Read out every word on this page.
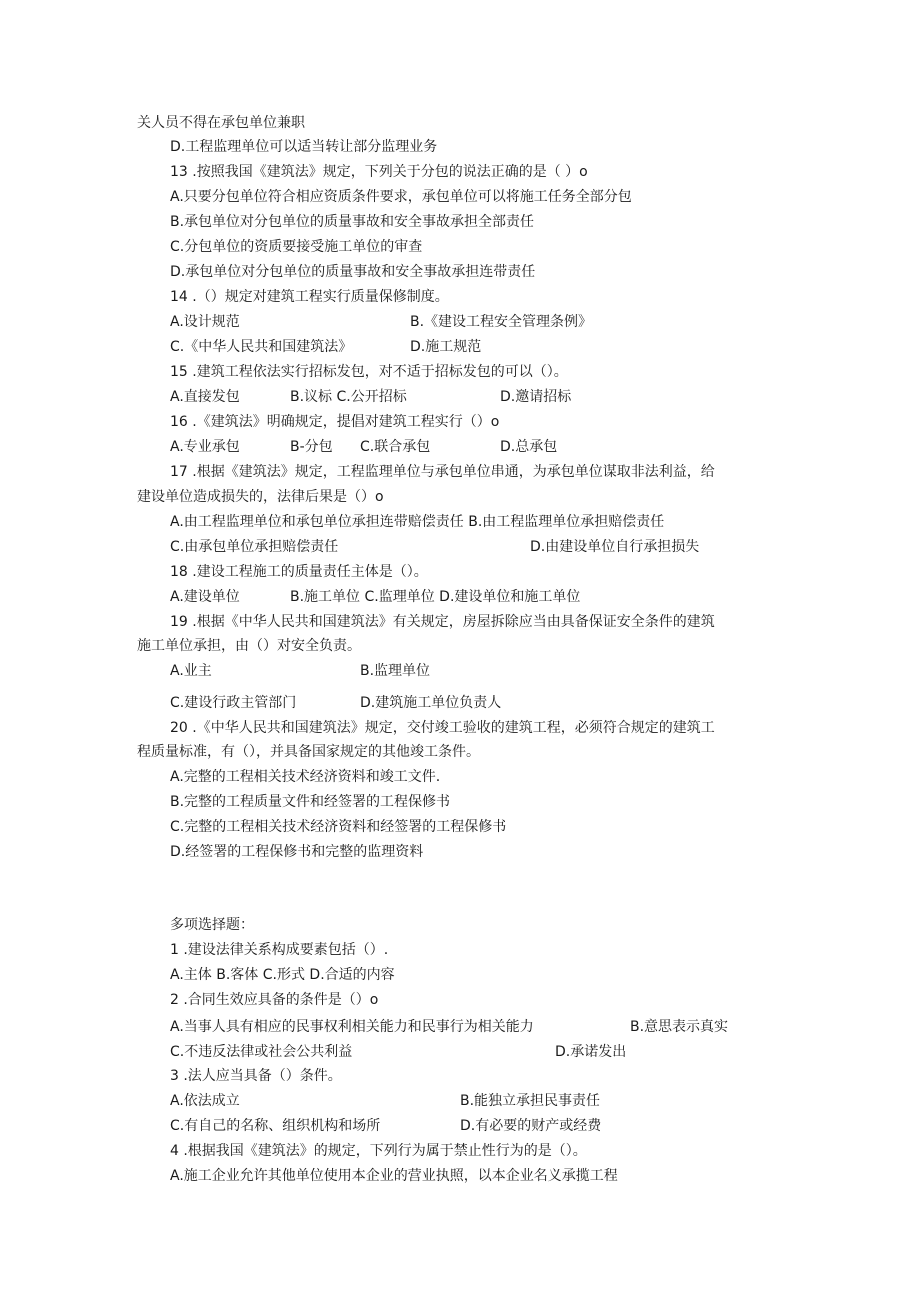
关人员不得在承包单位兼职
D.工程监理单位可以适当转让部分监理业务
13 .按照我国《建筑法》规定，下列关于分包的说法正确的是（ ）o
A.只要分包单位符合相应资质条件要求，承包单位可以将施工任务全部分包
B.承包单位对分包单位的质量事故和安全事故承担全部责任
C.分包单位的资质要接受施工单位的审查
D.承包单位对分包单位的质量事故和安全事故承担连带责任
14 .（）规定对建筑工程实行质量保修制度。
A.设计规范	B.《建设工程安全管理条例》
C.《中华人民共和国建筑法》	D.施工规范
15 .建筑工程依法实行招标发包，对不适于招标发包的可以（）。
A.直接发包	B.议标 C.公开招标	D.邀请招标
16 .《建筑法》明确规定，提倡对建筑工程实行（）o
A.专业承包	B-分包 C.联合承包	D.总承包
17 .根据《建筑法》规定，工程监理单位与承包单位串通，为承包单位谋取非法利益，给
建设单位造成损失的，法律后果是（）o
A.由工程监理单位和承包单位承担连带赔偿责任 B.由工程监理单位承担赔偿责任
C.由承包单位承担赔偿责任	D.由建设单位自行承担损失
18 .建设工程施工的质量责任主体是（）。
A.建设单位	B.施工单位 C.监理单位 D.建设单位和施工单位
19 .根据《中华人民共和国建筑法》有关规定，房屋拆除应当由具备保证安全条件的建筑
施工单位承担，由（）对安全负责。
A.业主	B.监理单位
C.建设行政主管部门	D.建筑施工单位负责人
20 .《中华人民共和国建筑法》规定，交付竣工验收的建筑工程，必须符合规定的建筑工
程质量标准，有（），并具备国家规定的其他竣工条件。
A.完整的工程相关技术经济资料和竣工文件.
B.完整的工程质量文件和经签署的工程保修书
C.完整的工程相关技术经济资料和经签署的工程保修书
D.经签署的工程保修书和完整的监理资料
多项选择题：
1 .建设法律关系构成要素包括（）.
A.主体 B.客体 C.形式 D.合适的内容
2 .合同生效应具备的条件是（）o
A.当事人具有相应的民事权利相关能力和民事行为相关能力	B.意思表示真实
C.不违反法律或社会公共利益	D.承诺发出
3 .法人应当具备（）条件。
A.依法成立	B.能独立承担民事责任
C.有自己的名称、组织机构和场所	D.有必要的财产或经费
4 .根据我国《建筑法》的规定，下列行为属于禁止性行为的是（）。
A.施工企业允许其他单位使用本企业的营业执照，以本企业名义承揽工程
